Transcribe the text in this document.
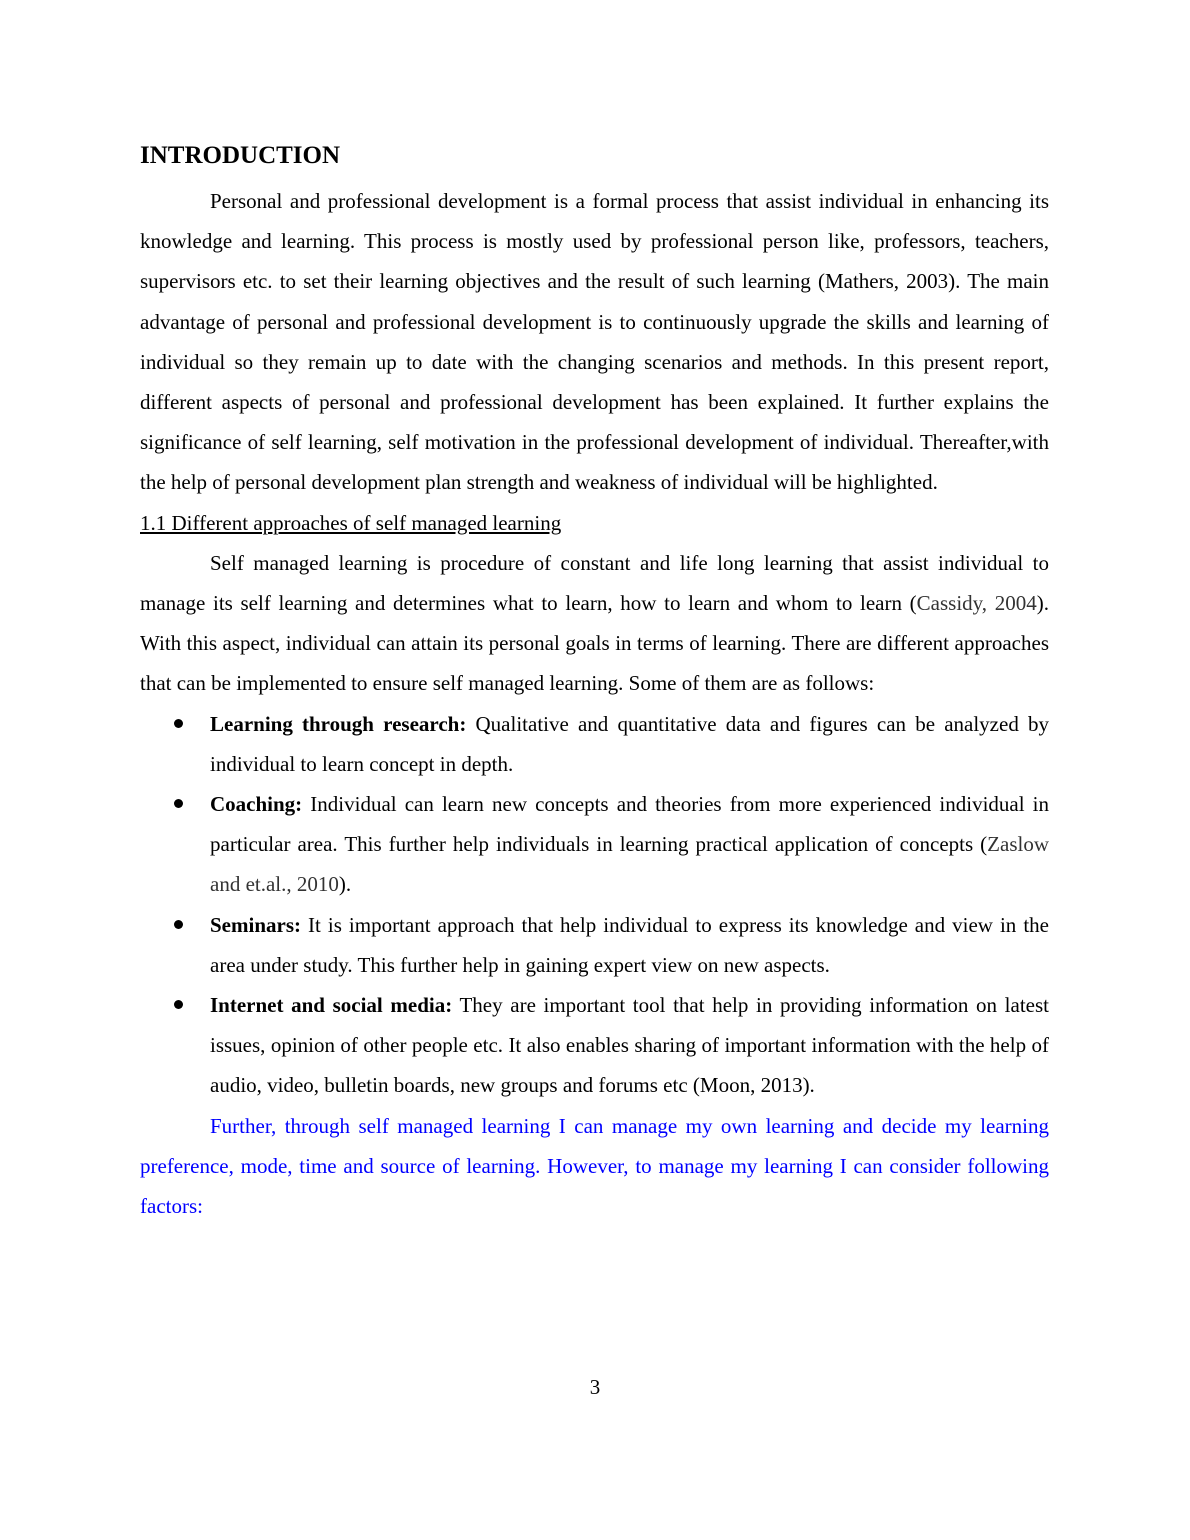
INTRODUCTION

Personal and professional development is a formal process that assist individual in enhancing its knowledge and learning. This process is mostly used by professional person like, professors, teachers, supervisors etc. to set their learning objectives and the result of such learning (Mathers, 2003). The main advantage of personal and professional development is to continuously upgrade the skills and learning of individual so they remain up to date with the changing scenarios and methods. In this present report, different aspects of personal and professional development has been explained. It further explains the significance of self learning, self motivation in the professional development of individual. Thereafter,with the help of personal development plan strength and weakness of individual will be highlighted.

1.1 Different approaches of self managed learning

Self managed learning is procedure of constant and life long learning that assist individual to manage its self learning and determines what to learn, how to learn and whom to learn (Cassidy, 2004). With this aspect, individual can attain its personal goals in terms of learning. There are different approaches that can be implemented to ensure self managed learning. Some of them are as follows:

Learning through research: Qualitative and quantitative data and figures can be analyzed by individual to learn concept in depth.
Coaching: Individual can learn new concepts and theories from more experienced individual in particular area. This further help individuals in learning practical application of concepts (Zaslow and et.al., 2010).
Seminars: It is important approach that help individual to express its knowledge and view in the area under study. This further help in gaining expert view on new aspects.
Internet and social media: They are important tool that help in providing information on latest issues, opinion of other people etc. It also enables sharing of important information with the help of audio, video, bulletin boards, new groups and forums etc (Moon, 2013).

Further, through self managed learning I can manage my own learning and decide my learning preference, mode, time and source of learning. However, to manage my learning I can consider following factors:

3
